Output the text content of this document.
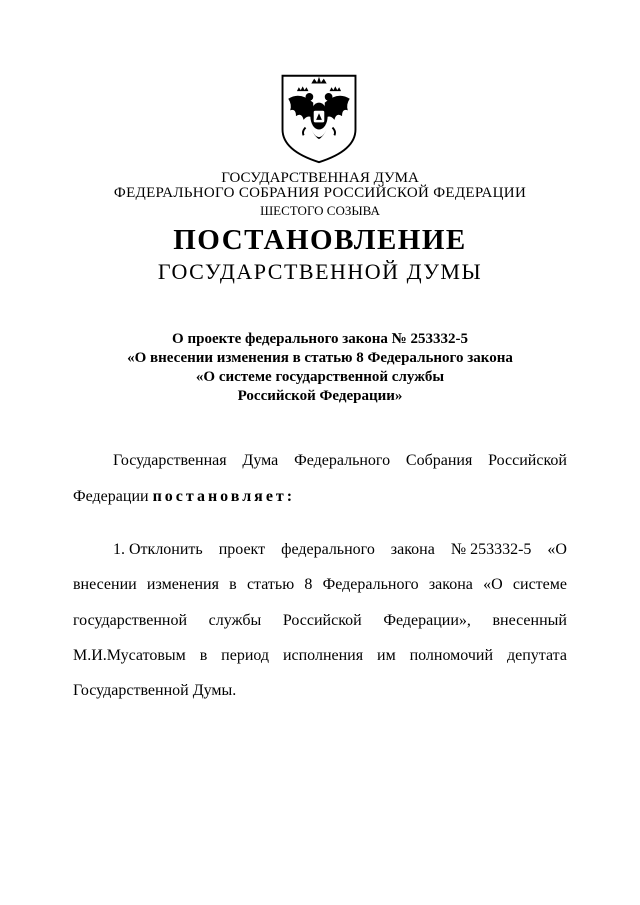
ГОСУДАРСТВЕННАЯ ДУМА
ФЕДЕРАЛЬНОГО СОБРАНИЯ РОССИЙСКОЙ ФЕДЕРАЦИИ
ШЕСТОГО СОЗЫВА
ПОСТАНОВЛЕНИЕ
ГОСУДАРСТВЕННОЙ ДУМЫ
О проекте федерального закона № 253332-5
«О внесении изменения в статью 8 Федерального закона
«О системе государственной службы
Российской Федерации»
Государственная Дума Федерального Собрания Российской
Федерации постановляет:
1. Отклонить проект федерального закона № 253332-5 «О
внесении изменения в статью 8 Федерального закона «О системе
государственной службы Российской Федерации», внесенный
М.И.Мусатовым в период исполнения им полномочий депутата
Государственной Думы.
